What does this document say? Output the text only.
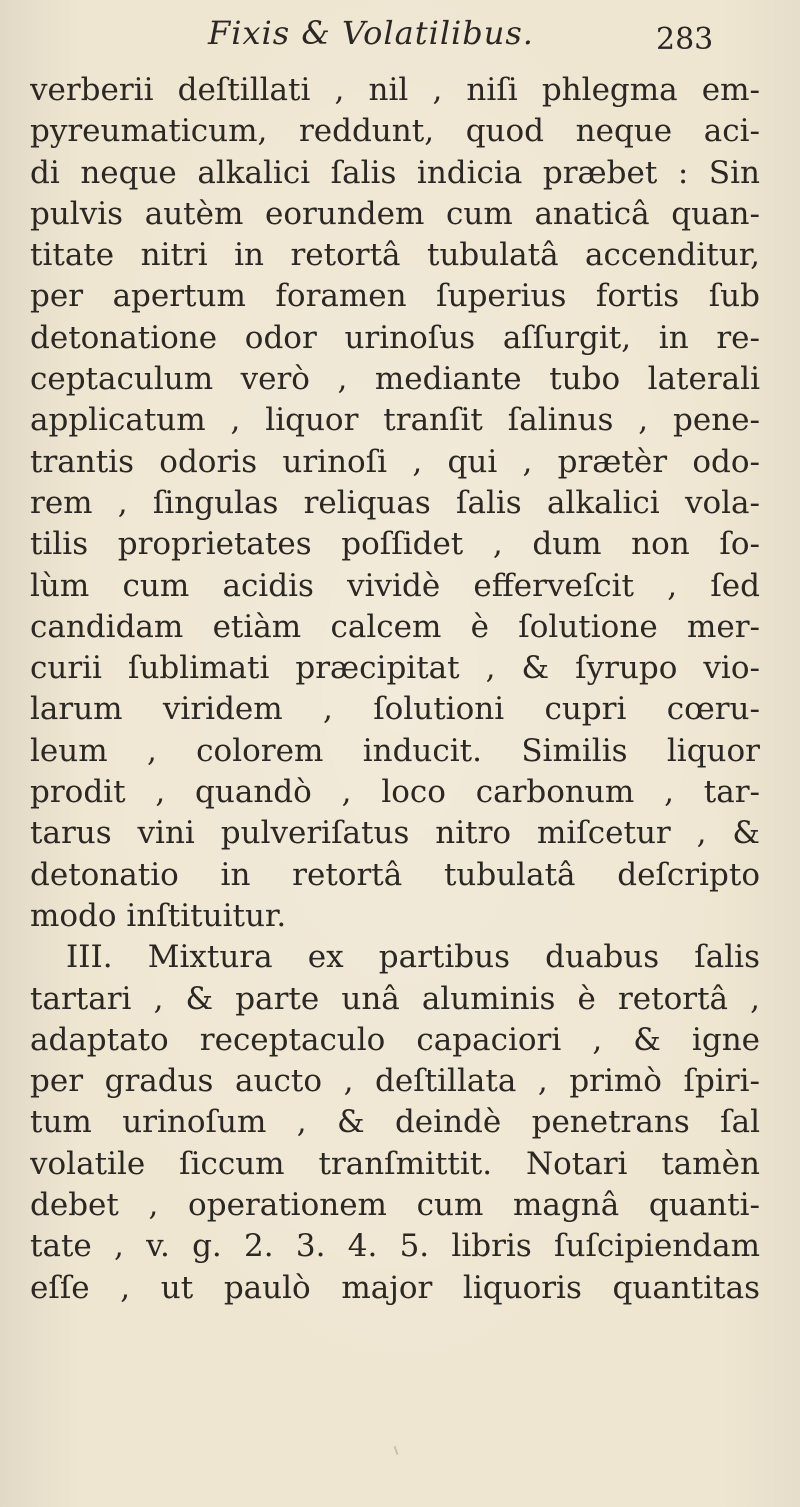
Fixis & Volatilibus.	283
verberii deſtillati , nil , niſi phlegma em-
pyreumaticum, reddunt, quod neque aci-
di neque alkalici ſalis indicia præbet : Sin
pulvis autèm eorundem cum anaticâ quan-
titate nitri in retortâ tubulatâ accenditur,
per apertum foramen ſuperius fortis ſub
detonatione odor urinoſus aſſurgit, in re-
ceptaculum verò , mediante tubo laterali
applicatum , liquor tranſit ſalinus , pene-
trantis odoris urinoſi , qui , prætèr odo-
rem , ſingulas reliquas ſalis alkalici vola-
tilis proprietates poſſidet , dum non ſo-
lùm cum acidis vividè efferveſcit , ſed
candidam etiàm calcem è ſolutione mer-
curii ſublimati præcipitat , & ſyrupo vio-
larum viridem , ſolutioni cupri cœru-
leum , colorem inducit. Similis liquor
prodit , quandò , loco carbonum , tar-
tarus vini pulveriſatus nitro miſcetur , &
detonatio in retortâ tubulatâ deſcripto
modo inſtituitur.
III. Mixtura ex partibus duabus ſalis
tartari , & parte unâ aluminis è retortâ ,
adaptato receptaculo capaciori , & igne
per gradus aucto , deſtillata , primò ſpiri-
tum urinoſum , & deindè penetrans ſal
volatile ſiccum tranſmittit. Notari tamèn
debet , operationem cum magnâ quanti-
tate , v. g. 2. 3. 4. 5. libris ſuſcipiendam
eſſe , ut paulò major liquoris quantitas
